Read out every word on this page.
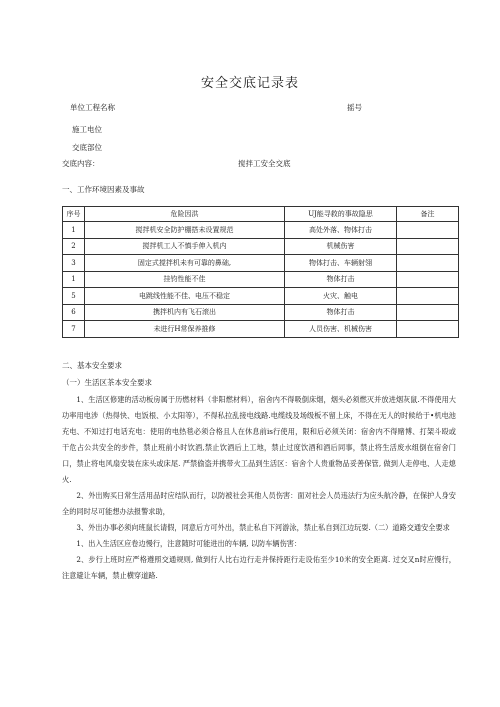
安全交底记录表
单位工程名称	摇号
施工电位
交底部位
交底内容：	搅拌工安全交底
一、工作环境因素及事故
序号	危险因洪	UJ能寻救的事故隐思	备注
1	搅拌机安全防护棚搭未设置规范	高处外落、物体打击	
2	搅拌机工人不慎手伸入机内	机械伤害	
3	固定式搅拌机未有可靠的鼻础,	物体打击、车辆射翎	
1	挂钧性能不佳	物体打击	
5	电跳线性能不佳、电压不稳定	火灾、触电	
6	携拌机内有飞石滚出	物体打击	
7	未进行H常保养推修	人员伤害、机械伤害	
二、基本安全要求
（一）生活区茶本安全要求

1、生活区修建的活动板房属于历燃材料（非阳燃材料），宿舍内不得吸倒床烟，烟头必须燃灭并放进烟灰鼠.不得使用大功率用电涉（热得快、电饭根、小太阳等），不得私拉乱接电线路.电缆线及场级板不留上床，不得在无人的时候给于•机电池充电、不知过打电话充电：使用的电热毯必须合格且人在休息前is行使用，限和后必须关闭：宿舍内不得赌博、打架斗殴或干危占公共安全的步件，禁止班前小时饮酒,禁止饮酒后上工地，禁止过度饮酒和酒后同事，禁止将生活废水组倒在宿舍门口，禁止将电风扇安装在床头或床尾. 严禁偷盗并携带火工品到生活区：宿舍个人贵重物品妥善保管, 做到人走停电、人走熄火.

2、外出购买日常生活用品时应结队而行，以防被社会其他人员伤害：面对社会人员违法行为应头航冷静，在保护人身安全的同时尽可能想办法报警求助，

3、外出办事必须向班鼠长请假，同意后方可外出，禁止私自下河游泳，禁止私自到江边玩耍.（二）道路交通安全要求

1、出入生活区应卷边慢行，注意随时可能进出的车辆, 以防车辆伤害：

2、步行上班时应严格遵照交通规则, 做到行人比右边行走并保持距行走设佑至少10米的安全距离. 过交叉n时应慢行，注意避让车辆，禁止横穿道路.
